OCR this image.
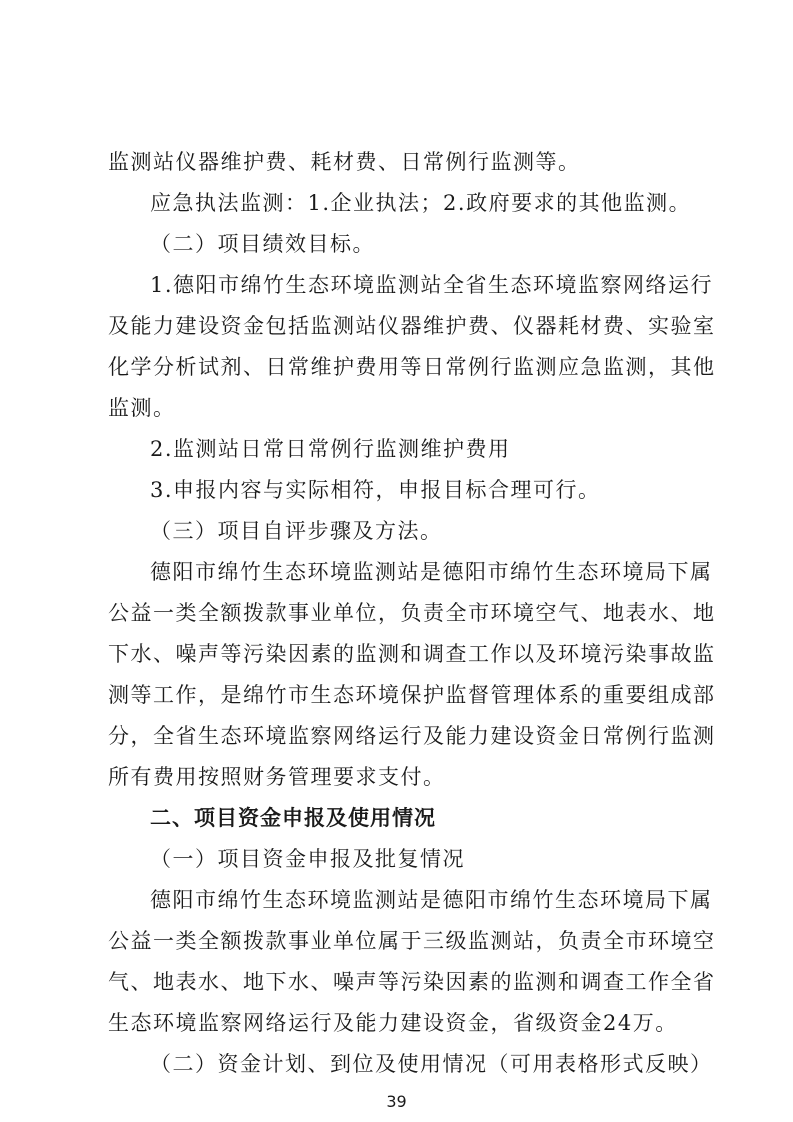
监测站仪器维护费、耗材费、日常例行监测等。
应急执法监测：1.企业执法；2.政府要求的其他监测。
（二）项目绩效目标。
1.德阳市绵竹生态环境监测站全省生态环境监察网络运行
及能力建设资金包括监测站仪器维护费、仪器耗材费、实验室
化学分析试剂、日常维护费用等日常例行监测应急监测，其他
监测。
2.监测站日常日常例行监测维护费用
3.申报内容与实际相符，申报目标合理可行。
（三）项目自评步骤及方法。
德阳市绵竹生态环境监测站是德阳市绵竹生态环境局下属
公益一类全额拨款事业单位，负责全市环境空气、地表水、地
下水、噪声等污染因素的监测和调查工作以及环境污染事故监
测等工作，是绵竹市生态环境保护监督管理体系的重要组成部
分，全省生态环境监察网络运行及能力建设资金日常例行监测
所有费用按照财务管理要求支付。
二、项目资金申报及使用情况
（一）项目资金申报及批复情况
德阳市绵竹生态环境监测站是德阳市绵竹生态环境局下属
公益一类全额拨款事业单位属于三级监测站，负责全市环境空
气、地表水、地下水、噪声等污染因素的监测和调查工作全省
生态环境监察网络运行及能力建设资金，省级资金24万。
（二）资金计划、到位及使用情况（可用表格形式反映）
39
